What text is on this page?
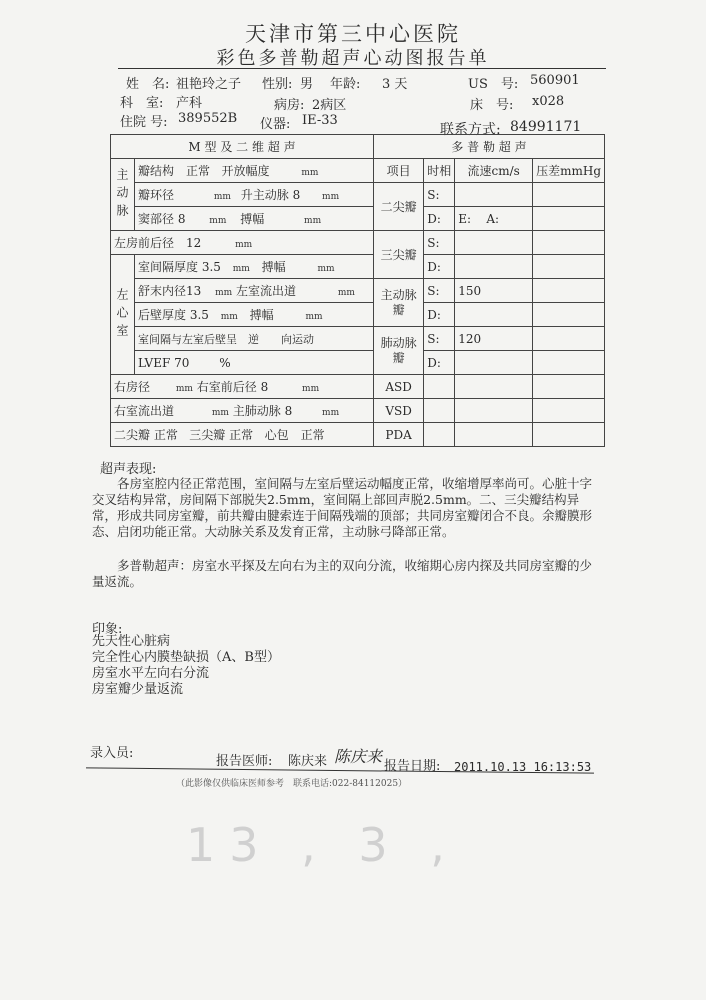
天津市第三中心医院
彩色多普勒超声心动图报告单
姓　名: 祖艳玲之子 性别: 男 年龄: 3 天	US　号: 560901
科　室: 产科	病房: 2病区	床　号: x028
住院 号: 389552B 仪器: IE-33
联系方式: 84991171
M 型 及 二 维 超 声	
主动脉	瓣结构　正常 开放幅度 mm
	瓣环径 mm 升主动脉 8 mm
	窦部径 8 mm 搏幅 mm
左房前后径　12 mm	
左心室	室间隔厚度 3.5 mm 搏幅 mm
	舒末内径13 mm 左室流出道 mm
	后壁厚度 3.5 mm 搏幅 mm
	室间隔与左室后壁呈　逆　　向运动
	LVEF 70 %
右房径 mm 右室前后径 8 mm	
右室流出道 mm 主肺动脉 8 mm	
二尖瓣 正常 三尖瓣 正常 心包　正常	
多 普 勒 超 声			
项目	时相	流速cm/s	压差mmHg
二尖瓣	S:		
	D:	E: A:	
三尖瓣	S:		
	D:		
主动脉瓣	S:	150	
	D:		
肺动脉瓣	S:	120	
	D:		
ASD			
VSD			
PDA			
超声表现:
　　各房室腔内径正常范围，室间隔与左室后壁运动幅度正常，收缩增厚率尚可。心脏十字交叉结构异常，房间隔下部脱失2.5mm，室间隔上部回声脱2.5mm。二、三尖瓣结构异常，形成共同房室瓣，前共瓣由腱索连于间隔残端的顶部；共同房室瓣闭合不良。余瓣膜形态、启闭功能正常。大动脉关系及发育正常，主动脉弓降部正常。
　　多普勒超声：房室水平探及左向右为主的双向分流，收缩期心房内探及共同房室瓣的少量返流。
印象:
先天性心脏病
完全性心内膜垫缺损（A、B型）
房室水平左向右分流
房室瓣少量返流
录入员:
报告医师: 陈庆来 陈庆来
报告日期: 2011.10.13 16:13:53
（此影像仅供临床医师参考　联系电话:022-84112025）
13 , 3 ,
